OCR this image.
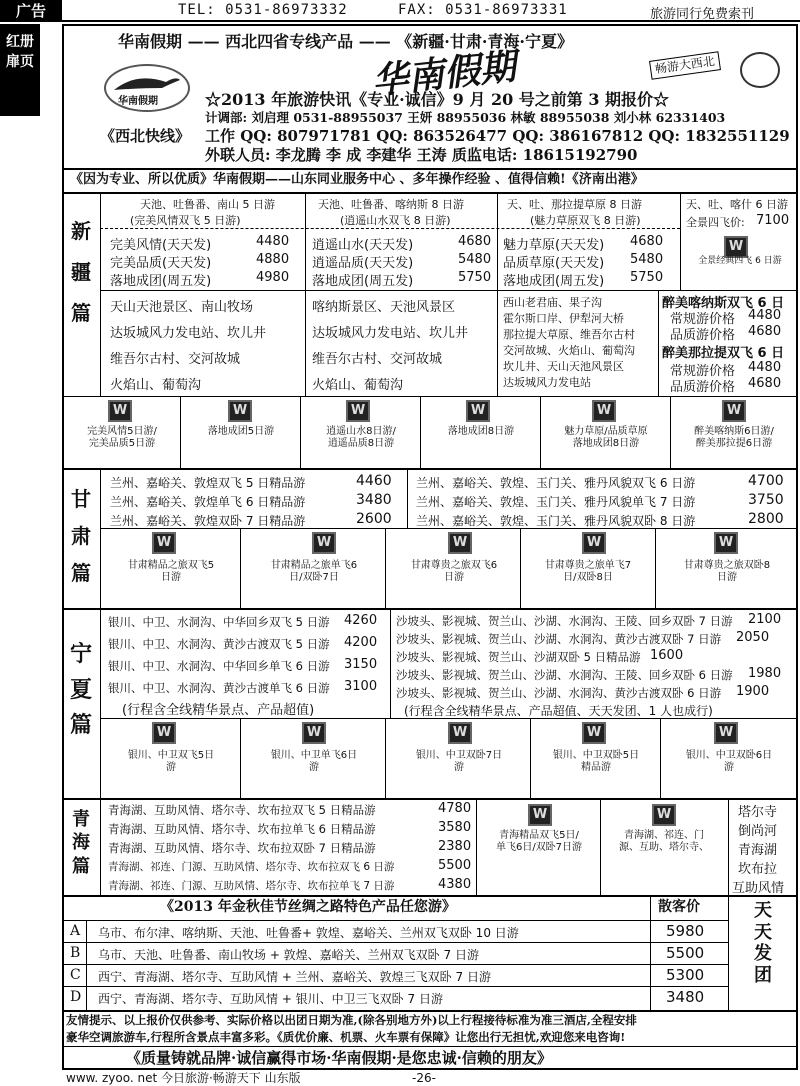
广告	TEL: 0531-86973332	FAX: 0531-86973331	旅游同行免费索刊
红册
扉页
华南假期 —— 西北四省专线产品 —— 《新疆·甘肃·青海·宁夏》
华南假期	畅游大西北
华南假期	☆2013 年旅游快讯《专业·诚信》9 月 20 号之前第 3 期报价☆
计调部: 刘启理 0531-88955037 王妍 88955036 林敏 88955038 刘小林 62331403
《西北快线》 工作 QQ: 807971781 QQ: 863526477 QQ: 386167812 QQ: 1832551129
外联人员: 李龙腾 李 成 李建华 王涛 质监电话: 18615192790
《因为专业、所以优质》华南假期——山东同业服务中心 、多年操作经验 、值得信赖!《济南出港》
新
疆
篇
天池、吐鲁番、南山 5 日游
(完美风情双飞 5 日游)
完美风情(天天发)	4480
完美品质(天天发)	4880
落地成团(周五发)	4980
天山天池景区、南山牧场
达坂城风力发电站、坎儿井
维吾尔古村、交河故城
火焰山、葡萄沟
天池、吐鲁番、喀纳斯 8 日游
(逍遥山水双飞 8 日游)
逍遥山水(天天发)	4680
逍遥品质(天天发)	5480
落地成团(周五发)	5750
喀纳斯景区、天池风景区
达坂城风力发电站、坎儿井
维吾尔古村、交河故城
火焰山、葡萄沟
天、吐、那拉提草原 8 日游
(魅力草原双飞 8 日游)
魅力草原(天天发) 4680
品质草原(天天发) 5480
落地成团(周五发) 5750
西山老君庙、果子沟
霍尔斯口岸、伊犁河大桥
那拉提大草原、维吾尔古村
交河故城、火焰山、葡萄沟
坎儿井、天山天池风景区
达坂城风力发电站
天、吐、喀什 6 日游
全景四飞价: 7100
W
全景经典四飞 6 日游
醉美喀纳斯双飞 6 日
常规游价格 4480
品质游价格 4680
醉美那拉提双飞 6 日
常规游价格 4480
品质游价格 4680
W
完美风情5日游/
完美品质5日游
W
落地成团5日游
W
逍遥山水8日游/
逍遥品质8日游
W
落地成团8日游
W
魅力草原/品质草原
落地成团8日游
W
醉美喀纳斯6日游/
醉美那拉提6日游
甘
肃
篇
兰州、嘉峪关、敦煌双飞 5 日精品游	4460
兰州、嘉峪关、敦煌单飞 6 日精品游	3480
兰州、嘉峪关、敦煌双卧 7 日精品游	2600
兰州、嘉峪关、敦煌、玉门关、雅丹风貌双飞 6 日游	4700
兰州、嘉峪关、敦煌、玉门关、雅丹风貌单飞 7 日游	3750
兰州、嘉峪关、敦煌、玉门关、雅丹风貌双卧 8 日游	2800
W
甘肃精品之旅双飞5
日游
W
甘肃精品之旅单飞6
日/双卧7日
W
甘肃尊贵之旅双飞6
日游
W
甘肃尊贵之旅单飞7
日/双卧8日
W
甘肃尊贵之旅双卧8
日游
宁
夏
篇
银川、中卫、水洞沟、中华回乡双飞 5 日游 4260
银川、中卫、水洞沟、黄沙古渡双飞 5 日游 4200
银川、中卫、水洞沟、中华回乡单飞 6 日游 3150
银川、中卫、水洞沟、黄沙古渡单飞 6 日游 3100
(行程含全线精华景点、产品超值)
沙坡头、影视城、贺兰山、沙湖、水洞沟、王陵、回乡双卧 7 日游 2100
沙坡头、影视城、贺兰山、沙湖、水洞沟、黄沙古渡双卧 7 日游 2050
沙坡头、影视城、贺兰山、沙湖双卧 5 日精品游 1600
沙坡头、影视城、贺兰山、沙湖、水洞沟、王陵、回乡双卧 6 日游 1980
沙坡头、影视城、贺兰山、沙湖、水洞沟、黄沙古渡双卧 6 日游 1900
(行程含全线精华景点、产品超值、天天发团、1 人也成行)
W
银川、中卫双飞5日
游
W
银川、中卫单飞6日
游
W
银川、中卫双卧7日
游
W
银川、中卫双卧5日
精品游
W
银川、中卫双卧6日
游
青
海
篇
青海湖、互助风情、塔尔寺、坎布拉双飞 5 日精品游	4780
青海湖、互助风情、塔尔寺、坎布拉单飞 6 日精品游	3580
青海湖、互助风情、塔尔寺、坎布拉双卧 7 日精品游	2380
青海湖、祁连、门源、互助风情、塔尔寺、坎布拉双飞 6 日游	5500
青海湖、祁连、门源、互助风情、塔尔寺、坎布拉单飞 7 日游	4380
W
青海精品双飞5日/
单飞6日/双卧7日游
W
青海湖、祁连、门
源、互助、塔尔寺、
塔尔寺
倒尚河
青海湖
坎布拉
互助风情
《2013 年金秋佳节丝绸之路特色产品任您游》	散客价
A 乌市、布尔津、喀纳斯、天池、吐鲁番+ 敦煌、嘉峪关、兰州双飞双卧 10 日游	5980
B 乌市、天池、吐鲁番、南山牧场 + 敦煌、嘉峪关、兰州双飞双卧 7 日游	5500
C 西宁、青海湖、塔尔寺、互助风情 + 兰州、嘉峪关、敦煌三飞双卧 7 日游	5300
D 西宁、青海湖、塔尔寺、互助风情 + 银川、中卫三飞双卧 7 日游	3480
天
天
发
团
友情提示、以上报价仅供参考、实际价格以出团日期为准,(除各别地方外)以上行程接待标准为准三酒店,全程安排
豪华空调旅游车,行程所含景点丰富多彩。《质优价廉、机票、火车票有保障》让您出行无担忧,欢迎您来电咨询!
《质量铸就品牌·诚信赢得市场·华南假期·是您忠诚·信赖的朋友》
www. zyoo. net 今日旅游·畅游天下 山东版	-26-
